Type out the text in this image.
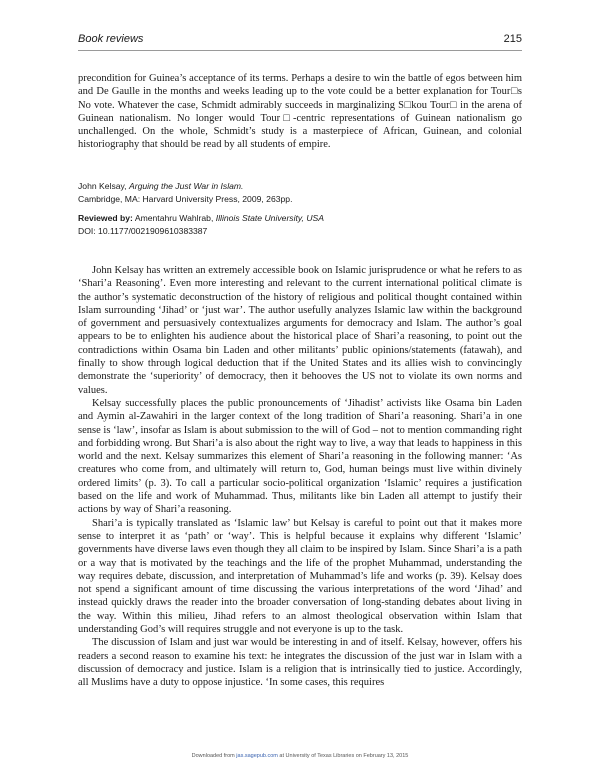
Book reviews	215

precondition for Guinea’s acceptance of its terms. Perhaps a desire to win the battle of egos between him and De Gaulle in the months and weeks leading up to the vote could be a better explanation for Tour□s No vote. Whatever the case, Schmidt admirably succeeds in marginalizing S□kou Tour□ in the arena of Guinean nationalism. No longer would Tour□-centric representations of Guinean nationalism go unchallenged. On the whole, Schmidt’s study is a masterpiece of African, Guinean, and colonial historiography that should be read by all students of empire.

John Kelsay, Arguing the Just War in Islam.

Cambridge, MA: Harvard University Press, 2009, 263pp.

Reviewed by: Amentahru Wahlrab, Illinois State University, USA

DOI: 10.1177/0021909610383387

John Kelsay has written an extremely accessible book on Islamic jurisprudence or what he refers to as ‘Shari’a Reasoning’. Even more interesting and relevant to the current international political climate is the author’s systematic deconstruction of the history of religious and political thought contained within Islam surrounding ‘Jihad’ or ‘just war’. The author usefully analyzes Islamic law within the background of government and persuasively contextualizes arguments for democracy and Islam. The author’s goal appears to be to enlighten his audience about the historical place of Shari’a reasoning, to point out the contradictions within Osama bin Laden and other militants’ public opinions/statements (fatawah), and finally to show through logical deduction that if the United States and its allies wish to convincingly demonstrate the ‘superiority’ of democracy, then it behooves the US not to violate its own norms and values.

Kelsay successfully places the public pronouncements of ‘Jihadist’ activists like Osama bin Laden and Aymin al-Zawahiri in the larger context of the long tradition of Shari’a reasoning. Shari’a in one sense is ‘law’, insofar as Islam is about submission to the will of God – not to mention commanding right and forbidding wrong. But Shari’a is also about the right way to live, a way that leads to happiness in this world and the next. Kelsay summarizes this element of Shari’a reasoning in the following manner: ‘As creatures who come from, and ultimately will return to, God, human beings must live within divinely ordered limits’ (p. 3). To call a particular socio-political organization ‘Islamic’ requires a justification based on the life and work of Muhammad. Thus, militants like bin Laden all attempt to justify their actions by way of Shari’a reasoning.

Shari’a is typically translated as ‘Islamic law’ but Kelsay is careful to point out that it makes more sense to interpret it as ‘path’ or ‘way’. This is helpful because it explains why different ‘Islamic’ governments have diverse laws even though they all claim to be inspired by Islam. Since Shari’a is a path or a way that is motivated by the teachings and the life of the prophet Muhammad, understanding the way requires debate, discussion, and interpretation of Muhammad’s life and works (p. 39). Kelsay does not spend a significant amount of time discussing the various interpretations of the word ‘Jihad’ and instead quickly draws the reader into the broader conversation of long-standing debates about living in the way. Within this milieu, Jihad refers to an almost theological observation within Islam that understanding God’s will requires struggle and not everyone is up to the task.

The discussion of Islam and just war would be interesting in and of itself. Kelsay, however, offers his readers a second reason to examine his text: he integrates the discussion of the just war in Islam with a discussion of democracy and justice. Islam is a religion that is intrinsically tied to justice. Accordingly, all Muslims have a duty to oppose injustice. ‘In some cases, this requires

Downloaded from jas.sagepub.com at University of Texas Libraries on February 13, 2015
